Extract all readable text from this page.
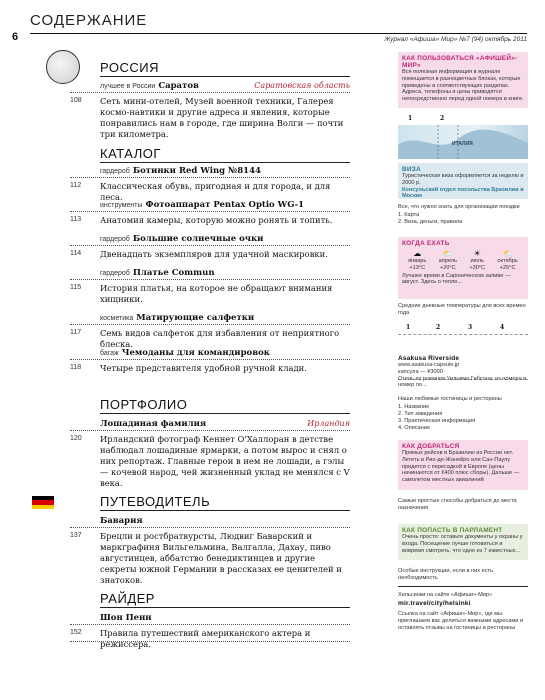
СОДЕРЖАНИЕ
6	Журнал «Афиша» Мир» №7 (94) октябрь 2011
РОССИЯ
лучшее в России Саратов	Саратовская область
108 Сеть мини-отелей, Музей военной техники, Галерея космо-навтики и другие адреса и явления, которые понравились нам в городе, где ширина Волги — почти три километра.
КАТАЛОГ
гардероб Ботинки Red Wing №8144
112 Классическая обувь, пригодная и для города, и для леса.
инструменты Фотоаппарат Pentax Optio WG-1
113 Анатомия камеры, которую можно ронять и топить.
гардероб Большие солнечные очки
114 Двенадцать экземпляров для удачной маскировки.
гардероб Платье Commun
115 История платья, на которое не обращают внимания хищники.
косметика Матирующие салфетки
117 Семь видов салфеток для избавления от неприятного блеска.
багаж Чемоданы для командировок
118 Четыре представителя удобной ручной клади.
ПОРТФОЛИО
Лошадиная фамилия	Ирландия
120 Ирландский фотограф Кеннет О'Халлоран в детстве наблюдал лошадиные ярмарки, а потом вырос и снял о них репортаж. Главные герои в нем не лошади, а гэлы — кочевой народ, чей жизненный уклад не менялся с V века.
ПУТЕВОДИТЕЛЬ
Бавария
137 Брецли и ростбратвурсты, Людвиг Баварский и маркграфиня Вильгельмина, Валгалла, Дахау, пиво августинцев, аббатство бенедиктинцев и другие секреты южной Германии в рассказах ее ценителей и знатоков.
РАЙДЕР
Шон Пенн
152 Правила путешествий американского актера и режиссера.
КАК ПОЛЬЗОВАТЬСЯ «АФИШЕЙ»-МИР»
Вся полезная информация в журнале помещается в разноцветных блоках, которые приведены в соответствующих разделах. Адреса, телефоны и цены приводятся непосредственно перед одной номера в книге.
1	2
ИТАЛИЯ
ВИЗА
Туристическая виза оформляется за неделю и 2000 р.
Консульский отдел посольства Бразилии в Москве
Все, что нужно знать для организации поездки
1. Карта
2. Виза, деньги, правила
КОГДА ЕХАТЬ
☁
январь
+13°С
⛅
апрель
+20°С
☀
июль
+30°С
⛅
октябрь
+25°С
Лучшее время в Сароническом заливе — август. Здесь о тепле...
Средние дневные температуры для всех времен года
1	2	3	4
Asakusa Riverside
www.asakusa-capsule.jp
капсула — ¥3000
Отель из романов Уильяма Гибсона: из номера в номер по...
Наши любимые гостиницы и рестораны
1. Название
2. Тип заведения
3. Практическая информация
4. Описание
КАК ДОБРАТЬСЯ
Прямых рейсов в Бразилию из России нет. Лететь в Рио-де-Жанейро или Сан-Паулу придется с пересадкой в Европе (цены начинаются от €400 плюс сборы). Дальше — самолетом местных авиалиний
Самые простые способы добраться до места назначения
КАК ПОПАСТЬ В ПАРЛАМЕНТ
Очень просто: оставьте документы у охраны у входа. Посещение лучше готовиться и вовремя смотреть, что одно из 7 известных...
Особые инструкции, если в них есть необходимость
Хельсинки на сайте «Афиши»-Мир»
mir.travel/city/helsinki
Ссылка на сайт «Афиши»-Мир», где мы приглашаем вас делиться важными адресами и оставлять отзывы на гостиницы и рестораны
